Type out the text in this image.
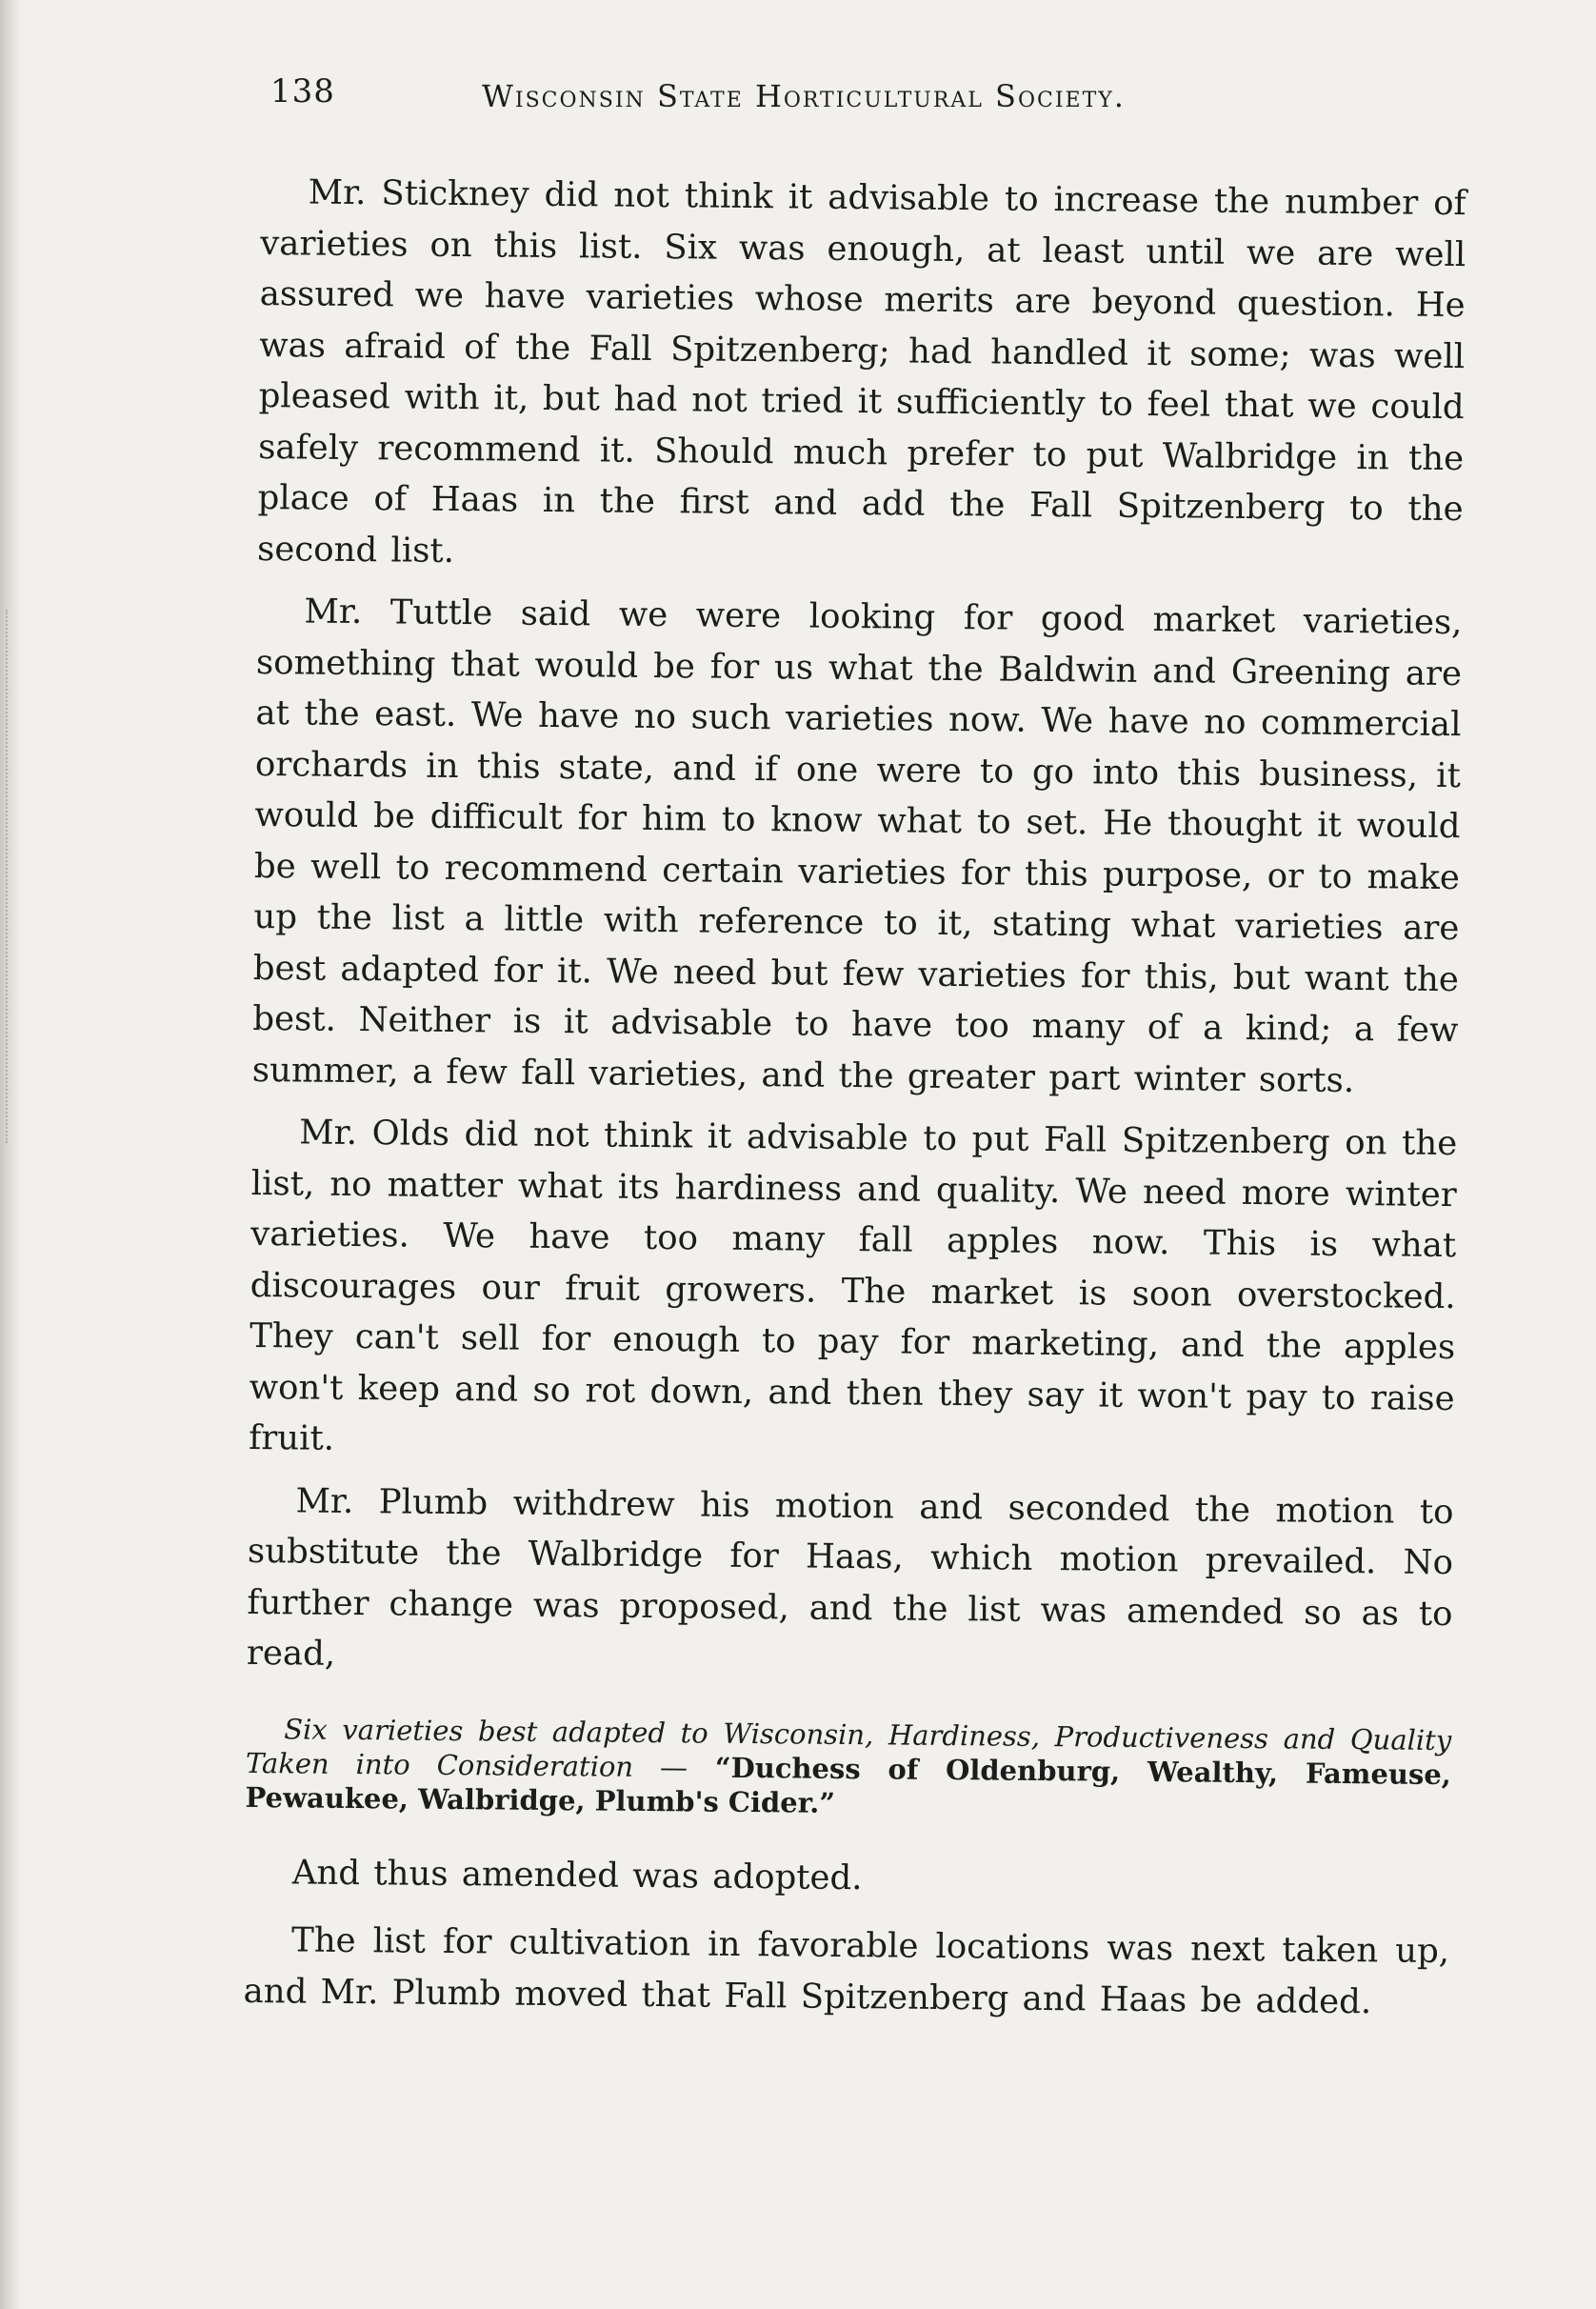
138	Wisconsin State Horticultural Society.

Mr. Stickney did not think it advisable to increase the number of varieties on this list. Six was enough, at least until we are well assured we have varieties whose merits are beyond question. He was afraid of the Fall Spitzenberg; had handled it some; was well pleased with it, but had not tried it sufficiently to feel that we could safely recommend it. Should much prefer to put Walbridge in the place of Haas in the first and add the Fall Spitzenberg to the second list.

Mr. Tuttle said we were looking for good market varieties, something that would be for us what the Baldwin and Greening are at the east. We have no such varieties now. We have no commercial orchards in this state, and if one were to go into this business, it would be difficult for him to know what to set. He thought it would be well to recommend certain varieties for this purpose, or to make up the list a little with reference to it, stating what varieties are best adapted for it. We need but few varieties for this, but want the best. Neither is it advisable to have too many of a kind; a few summer, a few fall varieties, and the greater part winter sorts.

Mr. Olds did not think it advisable to put Fall Spitzenberg on the list, no matter what its hardiness and quality. We need more winter varieties. We have too many fall apples now. This is what discourages our fruit growers. The market is soon overstocked. They can't sell for enough to pay for marketing, and the apples won't keep and so rot down, and then they say it won't pay to raise fruit.

Mr. Plumb withdrew his motion and seconded the motion to substitute the Walbridge for Haas, which motion prevailed. No further change was proposed, and the list was amended so as to read,

Six varieties best adapted to Wisconsin, Hardiness, Productiveness and Quality Taken into Consideration — “Duchess of Oldenburg, Wealthy, Fameuse, Pewaukee, Walbridge, Plumb's Cider.”

And thus amended was adopted.

The list for cultivation in favorable locations was next taken up, and Mr. Plumb moved that Fall Spitzenberg and Haas be added.
